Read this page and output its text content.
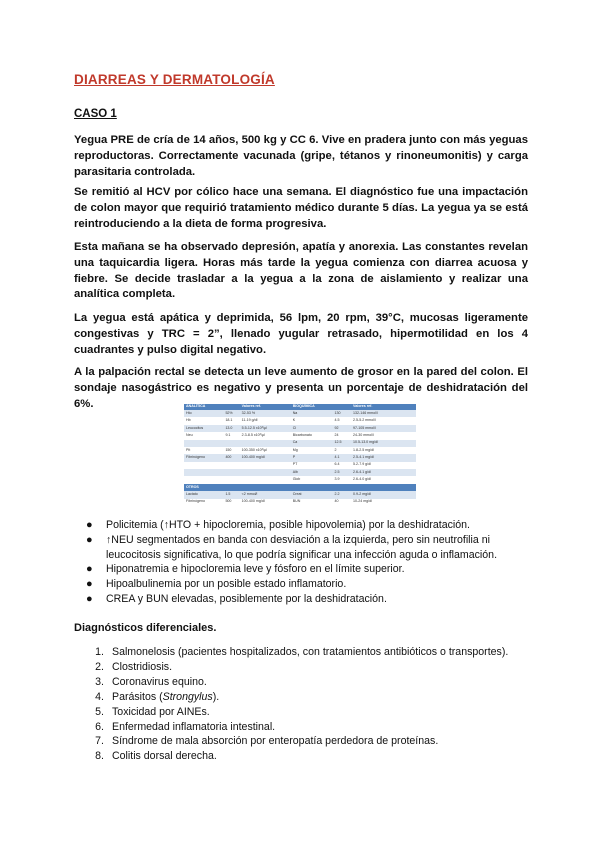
DIARREAS Y DERMATOLOGÍA
CASO 1
Yegua PRE de cría de 14 años, 500 kg y CC 6. Vive en pradera junto con más yeguas reproductoras. Correctamente vacunada (gripe, tétanos y rinoneumonitis) y carga parasitaria controlada.
Se remitió al HCV por cólico hace una semana. El diagnóstico fue una impactación de colon mayor que requirió tratamiento médico durante 5 días. La yegua ya se está reintroduciendo a la dieta de forma progresiva.
Esta mañana se ha observado depresión, apatía y anorexia. Las constantes revelan una taquicardia ligera. Horas más tarde la yegua comienza con diarrea acuosa y fiebre. Se decide trasladar a la yegua a la zona de aislamiento y realizar una analítica completa.
La yegua está apática y deprimida, 56 lpm, 20 rpm, 39°C, mucosas ligeramente congestivas y TRC = 2”, llenado yugular retrasado, hipermotilidad en los 4 cuadrantes y pulso digital negativo.
A la palpación rectal se detecta un leve aumento de grosor en la pared del colon. El sondaje nasogástrico es negativo y presenta un porcentaje de deshidratación del 6%.	ANALÍTICA		Valores ref.	BIOQUÍMICA		Valores ref.
Hto	52%	32-53 %	Na	130	132-146 mmol/l
Hb	18.1	11-19 g/dl	K	4.5	2.5-5.2 mmol/l
Leucocitos	13.0	5.5-12.5 x10³/µl	Cl	92	97-105 mmol/l
Neu	9.1	2.3-8.5 x10³/µl	Bicarbonato	24	24-30 mmol/l
			Ca	12.5	10.5-13.0 mg/dl
Plt	150	100-350 x10³/µl	Mg	2	1.8-2.5 mg/dl
Fibrinógeno	400	100-400 mg/dl	P	4.1	2.5-4.1 mg/dl
			PT	6.4	5.2-7.9 g/dl
			Alb	2.5	2.6-4.1 g/dl
			Glob	3.9	2.6-4.0 g/dl
OTROS					
Lactato	1.5	<2 mmol/l	Creat	2.2	0.9-2 mg/dl
Fibrinógeno	500	100-400 mg/dl	BUN	40	10-24 mg/dl
● Policitemia (↑HTO + hipocloremia, posible hipovolemia) por la deshidratación.
● ↑NEU segmentados en banda con desviación a la izquierda, pero sin neutrofilia ni leucocitosis significativa, lo que podría significar una infección aguda o inflamación.
● Hiponatremia e hipocloremia leve y fósforo en el límite superior.
● Hipoalbulinemia por un posible estado inflamatorio.
● CREA y BUN elevadas, posiblemente por la deshidratación.
Diagnósticos diferenciales.
1. Salmonelosis (pacientes hospitalizados, con tratamientos antibióticos o transportes).
2. Clostridiosis.
3. Coronavirus equino.
4. Parásitos (Strongylus).
5. Toxicidad por AINEs.
6. Enfermedad inflamatoria intestinal.
7. Síndrome de mala absorción por enteropatía perdedora de proteínas.
8. Colitis dorsal derecha.
